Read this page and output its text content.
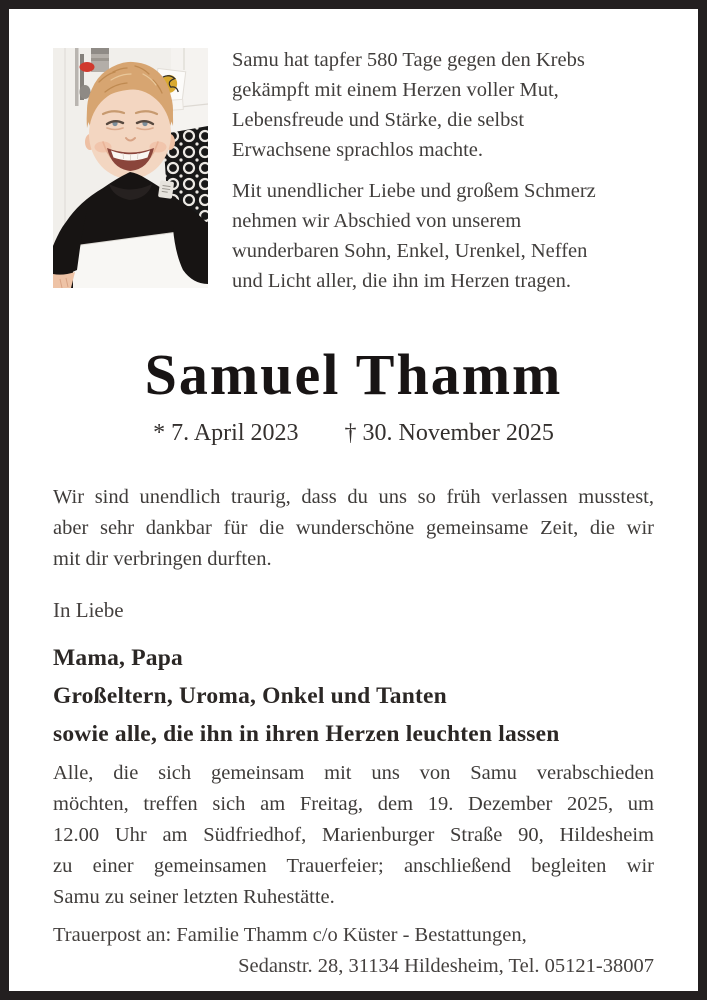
Samu hat tapfer 580 Tage gegen den Krebs
gekämpft mit einem Herzen voller Mut,
Lebensfreude und Stärke, die selbst
Erwachsene sprachlos machte.
Mit unendlicher Liebe und großem Schmerz
nehmen wir Abschied von unserem
wunderbaren Sohn, Enkel, Urenkel, Neffen
und Licht aller, die ihn im Herzen tragen.
Samuel Thamm
* 7. April 2023 † 30. November 2025
Wir sind unendlich traurig, dass du uns so früh verlassen musstest,
aber sehr dankbar für die wunderschöne gemeinsame Zeit, die wir
mit dir verbringen durften.
In Liebe
Mama, Papa
Großeltern, Uroma, Onkel und Tanten
sowie alle, die ihn in ihren Herzen leuchten lassen
Alle, die sich gemeinsam mit uns von Samu verabschieden
möchten, treffen sich am Freitag, dem 19. Dezember 2025, um
12.00 Uhr am Südfriedhof, Marienburger Straße 90, Hildesheim
zu einer gemeinsamen Trauerfeier; anschließend begleiten wir
Samu zu seiner letzten Ruhestätte.
Trauerpost an: Familie Thamm c/o Küster - Bestattungen,
Sedanstr. 28, 31134 Hildesheim, Tel. 05121-38007
